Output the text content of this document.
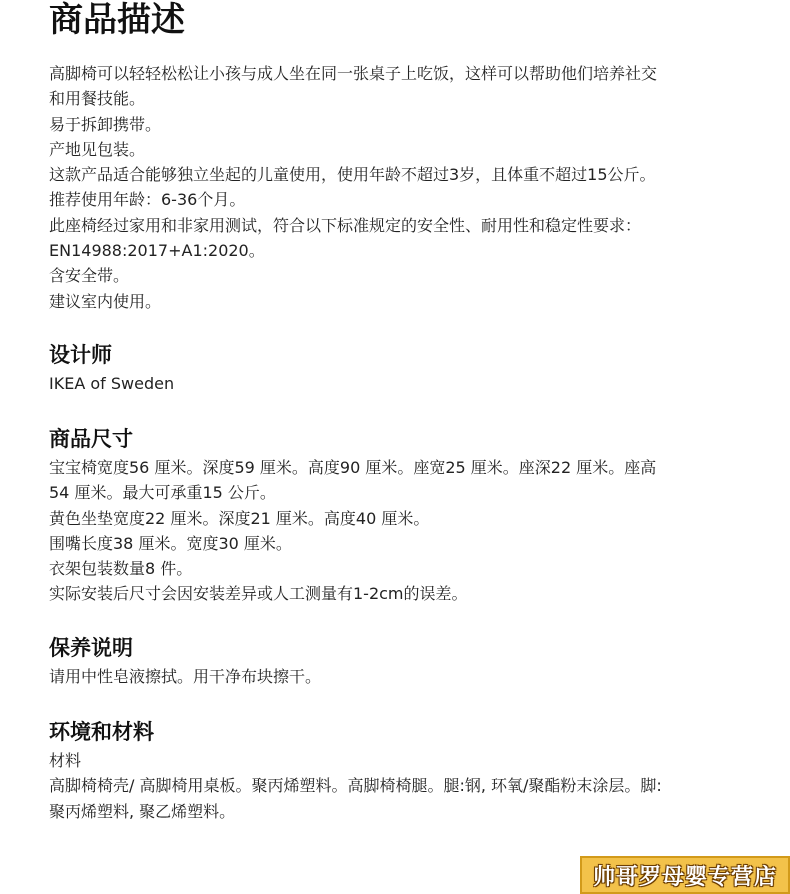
商品描述

高脚椅可以轻轻松松让小孩与成人坐在同一张桌子上吃饭，这样可以帮助他们培养社交

和用餐技能。

易于拆卸携带。

产地见包装。

这款产品适合能够独立坐起的儿童使用，使用年龄不超过3岁，且体重不超过15公斤。

推荐使用年龄：6-36个月。

此座椅经过家用和非家用测试，符合以下标准规定的安全性、耐用性和稳定性要求：

EN14988:2017+A1:2020。

含安全带。

建议室内使用。

设计师

IKEA of Sweden

商品尺寸

宝宝椅宽度56 厘米。深度59 厘米。高度90 厘米。座宽25 厘米。座深22 厘米。座高

54 厘米。最大可承重15 公斤。

黄色坐垫宽度22 厘米。深度21 厘米。高度40 厘米。

围嘴长度38 厘米。宽度30 厘米。

衣架包装数量8 件。

实际安装后尺寸会因安装差异或人工测量有1-2cm的误差。

保养说明

请用中性皂液擦拭。用干净布块擦干。

环境和材料

材料

高脚椅椅壳/ 高脚椅用桌板。聚丙烯塑料。高脚椅椅腿。腿:钢, 环氧/聚酯粉末涂层。脚:

聚丙烯塑料, 聚乙烯塑料。

帅哥罗母婴专营店
